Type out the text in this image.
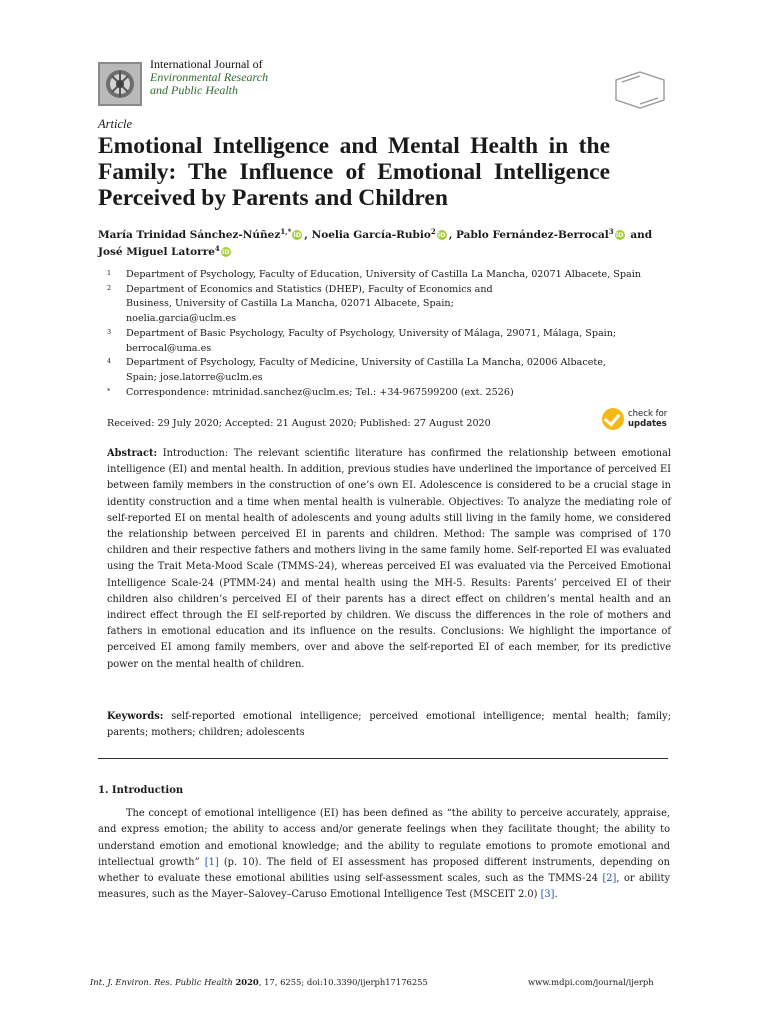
International Journal of
Environmental Research
and Public Health
Article
Emotional Intelligence and Mental Health in the Family: The Influence of Emotional Intelligence Perceived by Parents and Children
María Trinidad Sánchez-Núñez$^{1,*}$ iD , Noelia García-Rubio$^2$ iD , Pablo Fernández-Berrocal$^3$ iD and
José Miguel Latorre$^4$ iD
1	Department of Psychology, Faculty of Education, University of Castilla La Mancha, 02071 Albacete, Spain
2	Department of Economics and Statistics (DHEP), Faculty of Economics and Business, University of Castilla La Mancha, 02071 Albacete, Spain; noelia.garcia@uclm.es
3	Department of Basic Psychology, Faculty of Psychology, University of Málaga, 29071, Málaga, Spain; berrocal@uma.es
4	Department of Psychology, Faculty of Medicine, University of Castilla La Mancha, 02006 Albacete, Spain; jose.latorre@uclm.es
*	Correspondence: mtrinidad.sanchez@uclm.es; Tel.: +34-967599200 (ext. 2526)
Received: 29 July 2020; Accepted: 21 August 2020; Published: 27 August 2020
check for
updates

Abstract: Introduction: The relevant scientific literature has confirmed the relationship between emotional intelligence (EI) and mental health. In addition, previous studies have underlined the importance of perceived EI between family members in the construction of one’s own EI. Adolescence is considered to be a crucial stage in identity construction and a time when mental health is vulnerable. Objectives: To analyze the mediating role of self-reported EI on mental health of adolescents and young adults still living in the family home, we considered the relationship between perceived EI in parents and children. Method: The sample was comprised of 170 children and their respective fathers and mothers living in the same family home. Self-reported EI was evaluated using the Trait Meta-Mood Scale (TMMS-24), whereas perceived EI was evaluated via the Perceived Emotional Intelligence Scale-24 (PTMM-24) and mental health using the MH-5. Results: Parents’ perceived EI of their children also children’s perceived EI of their parents has a direct effect on children’s mental health and an indirect effect through the EI self-reported by children. We discuss the differences in the role of mothers and fathers in emotional education and its influence on the results. Conclusions: We highlight the importance of perceived EI among family members, over and above the self-reported EI of each member, for its predictive power on the mental health of children.

Keywords: self-reported emotional intelligence; perceived emotional intelligence; mental health; family; parents; mothers; children; adolescents

1. Introduction

The concept of emotional intelligence (EI) has been defined as “the ability to perceive accurately, appraise, and express emotion; the ability to access and/or generate feelings when they facilitate thought; the ability to understand emotion and emotional knowledge; and the ability to regulate emotions to promote emotional and intellectual growth” [1] (p. 10). The field of EI assessment has proposed different instruments, depending on whether to evaluate these emotional abilities using self-assessment scales, such as the TMMS-24 [2], or ability measures, such as the Mayer–Salovey–Caruso Emotional Intelligence Test (MSCEIT 2.0) [3].

Int. J. Environ. Res. Public Health 2020, 17, 6255; doi:10.3390/ijerph17176255	www.mdpi.com/journal/ijerph
